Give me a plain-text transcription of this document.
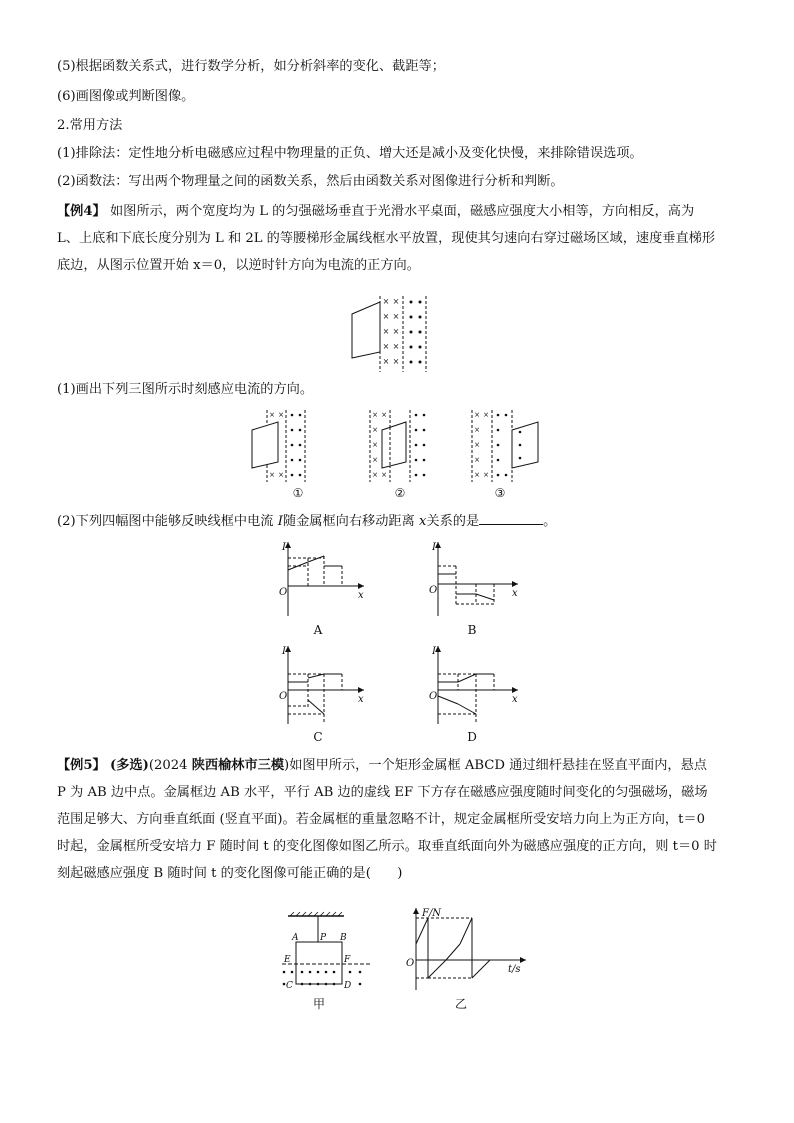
(5)根据函数关系式，进行数学分析，如分析斜率的变化、截距等；
(6)画图像或判断图像。
2.常用方法
(1)排除法：定性地分析电磁感应过程中物理量的正负、增大还是减小及变化快慢，来排除错误选项。
(2)函数法：写出两个物理量之间的函数关系，然后由函数关系对图像进行分析和判断。
【例4】 如图所示，两个宽度均为 L 的匀强磁场垂直于光滑水平桌面，磁感应强度大小相等，方向相反，高为 L、上底和下底长度分别为 L 和 2L 的等腰梯形金属线框水平放置，现使其匀速向右穿过磁场区域，速度垂直梯形底边，从图示位置开始 x＝0，以逆时针方向为电流的正方向。
× ×
× ×
× ×
× ×
× ×
(1)画出下列三图所示时刻感应电流的方向。
× ×
× ×
①
× ×
×
×
×
× ×
②
× ×
×
×
×
× ×
③
(2)下列四幅图中能够反映线框中电流 I随金属框向右移动距离 x关系的是	。
I
O	x
A
I
O	x
B
I
O	x
C
I
O	x
D
【例5】 (多选)(2024 陕西榆林市三模)如图甲所示，一个矩形金属框 ABCD 通过细杆悬挂在竖直平面内，悬点 P 为 AB 边中点。金属框边 AB 水平，平行 AB 边的虚线 EF 下方存在磁感应强度随时间变化的匀强磁场，磁场范围足够大、方向垂直纸面 (竖直平面)。若金属框的重量忽略不计，规定金属框所受安培力向上为正方向，t＝0 时起，金属框所受安培力 F 随时间 t 的变化图像如图乙所示。取垂直纸面向外为磁感应强度的正方向，则 t＝0 时刻起磁感应强度 B 随时间 t 的变化图像可能正确的是(　　)
A P B
E	F
C	D
甲
F/N
O
t/s
乙
